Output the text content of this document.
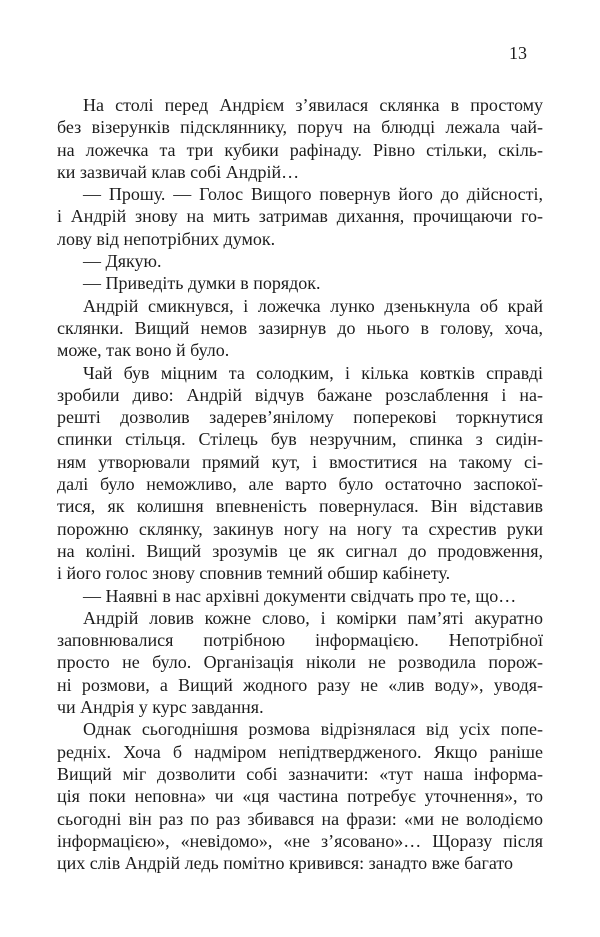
13
На столі перед Андрієм з’явилася склянка в простому
без візерунків підскляннику, поруч на блюдці лежала чай-
на ложечка та три кубики рафінаду. Рівно стільки, скіль-
ки зазвичай клав собі Андрій…
— Прошу. — Голос Вищого повернув його до дійсності,
і Андрій знову на мить затримав дихання, прочищаючи го-
лову від непотрібних думок.
— Дякую.
— Приведіть думки в порядок.
Андрій смикнувся, і ложечка лунко дзенькнула об край
склянки. Вищий немов зазирнув до нього в голову, хоча,
може, так воно й було.
Чай був міцним та солодким, і кілька ковтків справді
зробили диво: Андрій відчув бажане розслаблення і на-
решті дозволив задерев’янілому поперекові торкнутися
спинки стільця. Стілець був незручним, спинка з сидін-
ням утворювали прямий кут, і вмоститися на такому сі-
далі було неможливо, але варто було остаточно заспокої-
тися, як колишня впевненість повернулася. Він відставив
порожню склянку, закинув ногу на ногу та схрестив руки
на коліні. Вищий зрозумів це як сигнал до продовження,
і його голос знову сповнив темний обшир кабінету.
— Наявні в нас архівні документи свідчать про те, що…
Андрій ловив кожне слово, і комірки пам’яті акуратно
заповнювалися потрібною інформацією. Непотрібної
просто не було. Організація ніколи не розводила порож-
ні розмови, а Вищий жодного разу не «лив воду», уводя-
чи Андрія у курс завдання.
Однак сьогоднішня розмова відрізнялася від усіх попе-
редніх. Хоча б надміром непідтвердженого. Якщо раніше
Вищий міг дозволити собі зазначити: «тут наша інформа-
ція поки неповна» чи «ця частина потребує уточнення», то
сьогодні він раз по раз збивався на фрази: «ми не володіємо
інформацією», «невідомо», «не з’ясовано»… Щоразу після
цих слів Андрій ледь помітно кривився: занадто вже багато
